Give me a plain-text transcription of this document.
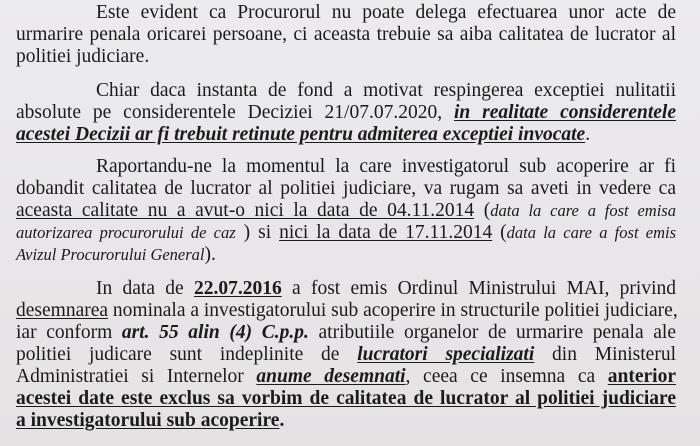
Este evident ca Procurorul nu poate delega efectuarea unor acte de
urmarire penala oricarei persoane, ci aceasta trebuie sa aiba calitatea de lucrator al
politiei judiciare.
Chiar daca instanta de fond a motivat respingerea exceptiei nulitatii
absolute pe considerentele Deciziei 21/07.07.2020, in realitate considerentele
acestei Decizii ar fi trebuit retinute pentru admiterea exceptiei invocate.
Raportandu-ne la momentul la care investigatorul sub acoperire ar fi
dobandit calitatea de lucrator al politiei judiciare, va rugam sa aveti in vedere ca
aceasta calitate nu a avut-o nici la data de 04.11.2014 (data la care a fost emisa
autorizarea procurorului de caz ) si nici la data de 17.11.2014 (data la care a fost emis
Avizul Procurorului General).
In data de 22.07.2016 a fost emis Ordinul Ministrului MAI, privind
desemnarea nominala a investigatorului sub acoperire in structurile politiei judiciare,
iar conform art. 55 alin (4) C.p.p. atributiile organelor de urmarire penala ale
politiei judicare sunt indeplinite de lucratori specializati din Ministerul
Administratiei si Internelor anume desemnati, ceea ce insemna ca anterior
acestei date este exclus sa vorbim de calitatea de lucrator al politiei judiciare
a investigatorului sub acoperire.
